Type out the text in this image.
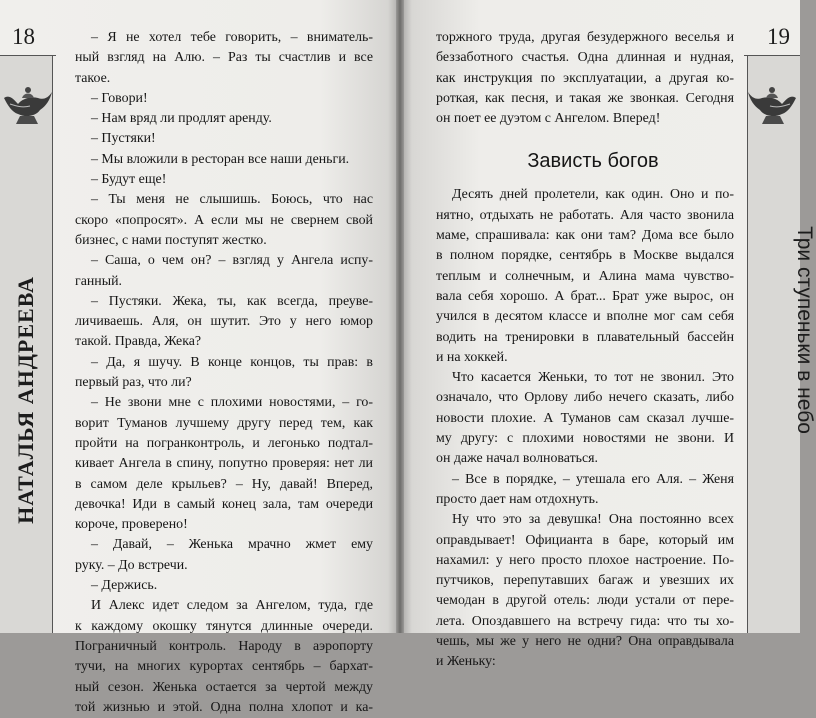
18
НАТАЛЬЯ АНДРЕЕВА
– Я не хотел тебе говорить, – вниматель-
ный взгляд на Алю. – Раз ты счастлив и все
такое.
– Говори!
– Нам вряд ли продлят аренду.
– Пустяки!
– Мы вложили в ресторан все наши деньги.
– Будут еще!
– Ты меня не слышишь. Боюсь, что нас
скоро «попросят». А если мы не свернем свой
бизнес, с нами поступят жестко.
– Саша, о чем он? – взгляд у Ангела испу-
ганный.
– Пустяки. Жека, ты, как всегда, преуве-
личиваешь. Аля, он шутит. Это у него юмор
такой. Правда, Жека?
– Да, я шучу. В конце концов, ты прав: в
первый раз, что ли?
– Не звони мне с плохими новостями, – го-
ворит Туманов лучшему другу перед тем, как
пройти на погранконтроль, и легонько подтал-
кивает Ангела в спину, попутно проверяя: нет ли
в самом деле крыльев? – Ну, давай! Вперед,
девочка! Иди в самый конец зала, там очереди
короче, проверено!
– Давай, – Женька мрачно жмет ему
руку. – До встречи.
– Держись.
И Алекс идет следом за Ангелом, туда, где
к каждому окошку тянутся длинные очереди.
Пограничный контроль. Народу в аэропорту
тучи, на многих курортах сентябрь – бархат-
ный сезон. Женька остается за чертой между
той жизнью и этой. Одна полна хлопот и ка-
19
Три ступеньки в небо
торжного труда, другая безудержного веселья и
беззаботного счастья. Одна длинная и нудная,
как инструкция по эксплуатации, а другая ко-
роткая, как песня, и такая же звонкая. Сегодня
он поет ее дуэтом с Ангелом. Вперед!
Зависть богов
Десять дней пролетели, как один. Оно и по-
нятно, отдыхать не работать. Аля часто звонила
маме, спрашивала: как они там? Дома все было
в полном порядке, сентябрь в Москве выдался
теплым и солнечным, и Алина мама чувство-
вала себя хорошо. А брат... Брат уже вырос, он
учился в десятом классе и вполне мог сам себя
водить на тренировки в плавательный бассейн
и на хоккей.
Что касается Женьки, то тот не звонил. Это
означало, что Орлову либо нечего сказать, либо
новости плохие. А Туманов сам сказал лучше-
му другу: с плохими новостями не звони. И
он даже начал волноваться.
– Все в порядке, – утешала его Аля. – Женя
просто дает нам отдохнуть.
Ну что это за девушка! Она постоянно всех
оправдывает! Официанта в баре, который им
нахамил: у него просто плохое настроение. По-
путчиков, перепутавших багаж и увезших их
чемодан в другой отель: люди устали от пере-
лета. Опоздавшего на встречу гида: что ты хо-
чешь, мы же у него не одни? Она оправдывала
и Женьку:
